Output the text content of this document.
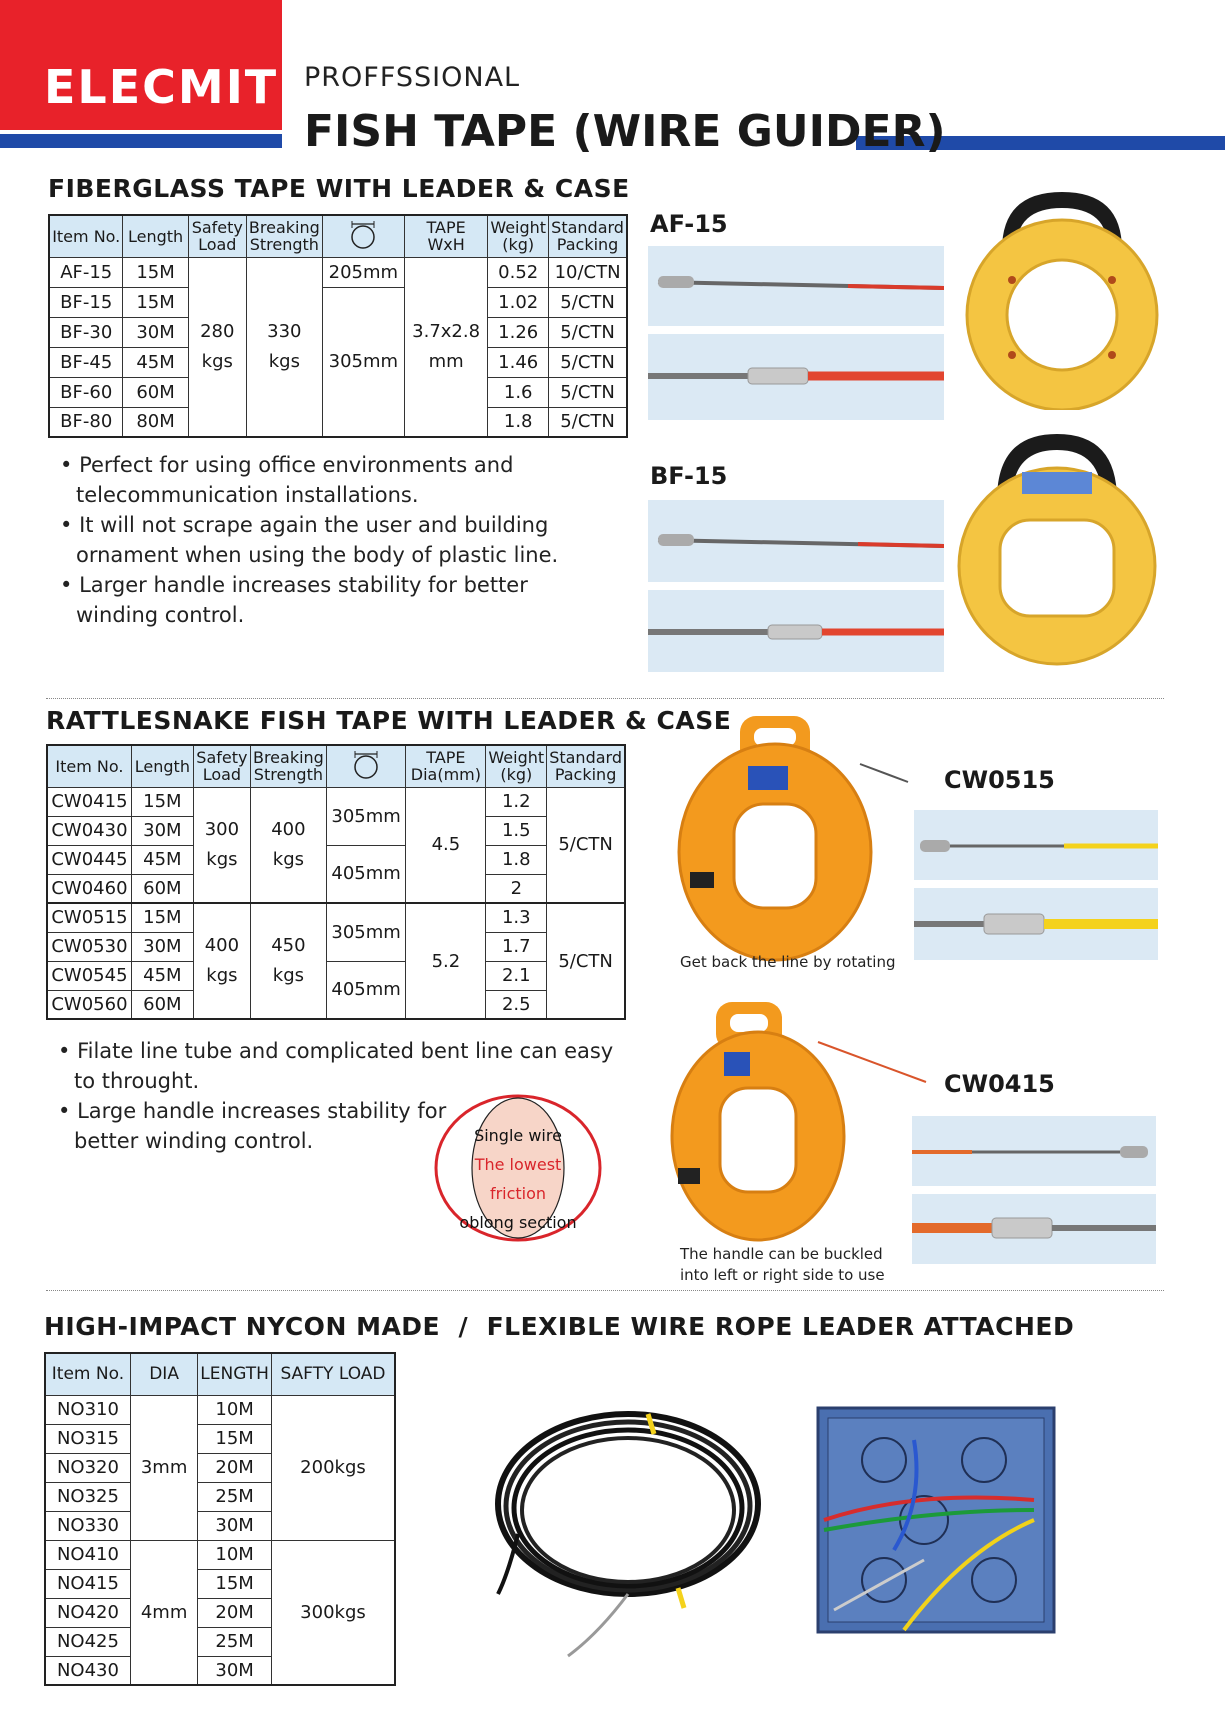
ELECMIT PROFFSSIONAL
FISH TAPE (WIRE GUIDER)
FIBERGLASS TAPE WITH LEADER & CASE
Item No.	Length	Safety Load	Breaking Strength		TAPE WxH	Weight (kg)	Standard Packing
AF-15	15M	280 kgs	330 kgs	205mm	3.7x2.8 mm	0.52	10/CTN
BF-15	15M			305mm		1.02	5/CTN
BF-30	30M					1.26	5/CTN
BF-45	45M					1.46	5/CTN
BF-60	60M					1.6	5/CTN
BF-80	80M					1.8	5/CTN
• Perfect for using office environments and telecommunication installations.
• It will not scrape again the user and building ornament when using the body of plastic line.
• Larger handle increases stability for better winding control.
AF-15
BF-15
RATTLESNAKE FISH TAPE WITH LEADER & CASE
Item No.	Length	Safety Load	Breaking Strength		TAPE Dia(mm)	Weight (kg)	Standard Packing
CW0415	15M	300 kgs	400 kgs	305mm	4.5	1.2	5/CTN
CW0430	30M					1.5	
CW0445	45M			405mm		1.8	
CW0460	60M					2	
CW0515	15M	400 kgs	450 kgs	305mm	5.2	1.3	5/CTN
CW0530	30M					1.7	
CW0545	45M			405mm		2.1	
CW0560	60M					2.5	
• Filate line tube and complicated bent line can easy to throught.
• Large handle increases stability for better winding control.	Single wire
The lowest
friction
oblong section
Get back the line by rotating
CW0515
The handle can be buckled into left or right side to use
CW0415
HIGH-IMPACT NYCON MADE  /  FLEXIBLE WIRE ROPE LEADER ATTACHED
Item No.	DIA	LENGTH	SAFTY LOAD
NO310	3mm	10M	200kgs
NO315		15M	
NO320		20M	
NO325		25M	
NO330		30M	
NO410	4mm	10M	300kgs
NO415		15M	
NO420		20M	
NO425		25M	
NO430		30M	
